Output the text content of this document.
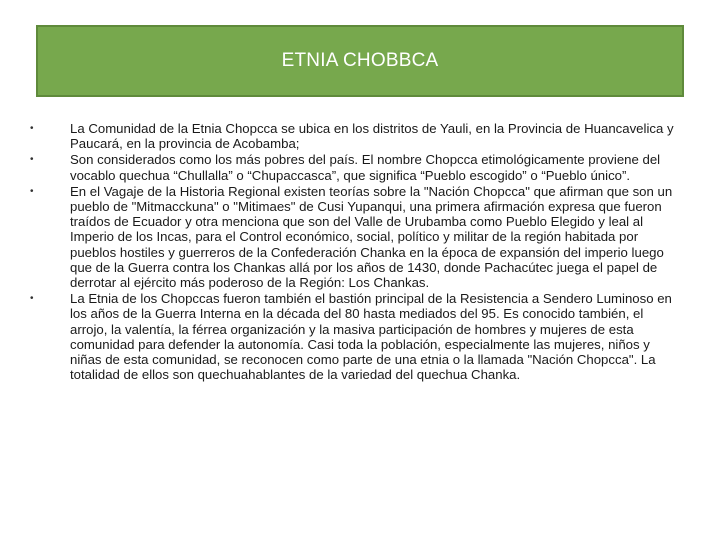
ETNIA CHOBBCA
•	La Comunidad de la Etnia Chopcca se ubica en los distritos de Yauli, en la Provincia de Huancavelica y Paucará, en la provincia de Acobamba;
•	Son considerados como los más pobres del país. El nombre Chopcca etimológicamente proviene del vocablo quechua “Chullalla” o “Chupaccasca”, que significa “Pueblo escogido” o “Pueblo único”.
•	En el Vagaje de la Historia Regional existen teorías sobre la "Nación Chopcca" que afirman que son un pueblo de "Mitmacckuna" o "Mitimaes" de Cusi Yupanqui, una primera afirmación expresa que fueron traídos de Ecuador y otra menciona que son del Valle de Urubamba como Pueblo Elegido y leal al Imperio de los Incas, para el Control económico, social, político y militar de la región habitada por pueblos hostiles y guerreros de la Confederación Chanka en la época de expansión del imperio luego que de la Guerra contra los Chankas allá por los años de 1430, donde Pachacútec juega el papel de derrotar al ejército más poderoso de la Región: Los Chankas.
•	La Etnia de los Chopccas fueron también el bastión principal de la Resistencia a Sendero Luminoso en los años de la Guerra Interna en la década del 80 hasta mediados del 95. Es conocido también, el arrojo, la valentía, la férrea organización y la masiva participación de hombres y mujeres de esta comunidad para defender la autonomía. Casi toda la población, especialmente las mujeres, niños y niñas de esta comunidad, se reconocen como parte de una etnia o la llamada "Nación Chopcca". La totalidad de ellos son quechuahablantes de la variedad del quechua Chanka.
